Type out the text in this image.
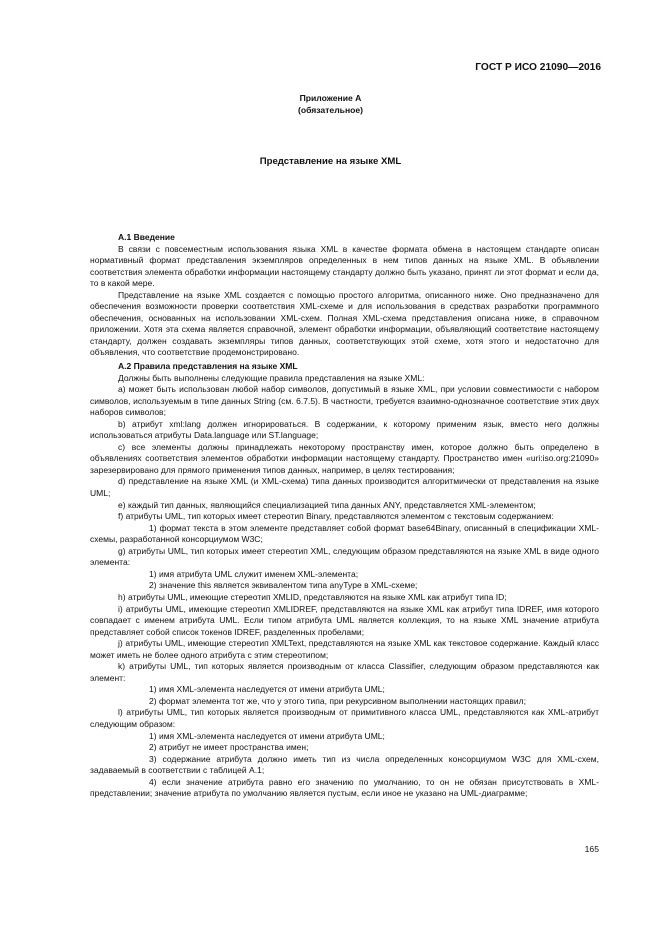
ГОСТ Р ИСО 21090—2016
Приложение А
(обязательное)
Представление на языке XML
А.1 Введение

В связи с повсеместным использования языка XML в качестве формата обмена в настоящем стандарте описан нормативный формат представления экземпляров определенных в нем типов данных на языке XML. В объявлении соответствия элемента обработки информации настоящему стандарту должно быть указано, принят ли этот формат и если да, то в какой мере.

Представление на языке XML создается с помощью простого алгоритма, описанного ниже. Оно предназначено для обеспечения возможности проверки соответствия XML-схеме и для использования в средствах разработки программного обеспечения, основанных на использовании XML-схем. Полная XML-схема представления описана ниже, в справочном приложении. Хотя эта схема является справочной, элемент обработки информации, объявляющий соответствие настоящему стандарту, должен создавать экземпляры типов данных, соответствующих этой схеме, хотя этого и недостаточно для объявления, что соответствие продемонстрировано.

А.2 Правила представления на языке XML

Должны быть выполнены следующие правила представления на языке XML:

а) может быть использован любой набор символов, допустимый в языке XML, при условии совместимости с набором символов, используемым в типе данных String (см. 6.7.5). В частности, требуется взаимно-однозначное соответствие этих двух наборов символов;

b) атрибут xml:lang должен игнорироваться. В содержании, к которому применим язык, вместо него должны использоваться атрибуты Data.language или ST.language;

с) все элементы должны принадлежать некоторому пространству имен, которое должно быть определено в объявлениях соответствия элементов обработки информации настоящему стандарту. Пространство имен «uri:iso.org:21090» зарезервировано для прямого применения типов данных, например, в целях тестирования;

d) представление на языке XML (и XML-схема) типа данных производится алгоритмически от представления на языке UML;

е) каждый тип данных, являющийся специализацией типа данных ANY, представляется XML-элементом;

f) атрибуты UML, тип которых имеет стереотип Binary, представляются элементом с текстовым содержанием:

1) формат текста в этом элементе представляет собой формат base64Binary, описанный в спецификации XML-схемы, разработанной консорциумом W3C;

g) атрибуты UML, тип которых имеет стереотип XML, следующим образом представляются на языке XML в виде одного элемента:

1) имя атрибута UML служит именем XML-элемента;

2) значение this является эквивалентом типа anyType в XML-схеме;

h) атрибуты UML, имеющие стереотип XMLID, представляются на языке XML как атрибут типа ID;

i) атрибуты UML, имеющие стереотип XMLIDREF, представляются на языке XML как атрибут типа IDREF, имя которого совпадает с именем атрибута UML. Если типом атрибута UML является коллекция, то на языке XML значение атрибута представляет собой список токенов IDREF, разделенных пробелами;

j) атрибуты UML, имеющие стереотип XMLText, представляются на языке XML как текстовое содержание. Каждый класс может иметь не более одного атрибута с этим стереотипом;

k) атрибуты UML, тип которых является производным от класса Classifier, следующим образом представляются как элемент:

1) имя XML-элемента наследуется от имени атрибута UML;

2) формат элемента тот же, что у этого типа, при рекурсивном выполнении настоящих правил;

l) атрибуты UML, тип которых является производным от примитивного класса UML, представляются как XML-атрибут следующим образом:

1) имя XML-элемента наследуется от имени атрибута UML;

2) атрибут не имеет пространства имен;

3) содержание атрибута должно иметь тип из числа определенных консорциумом W3C для XML-схем, задаваемый в соответствии с таблицей А.1;

4) если значение атрибута равно его значению по умолчанию, то он не обязан присутствовать в XML-представлении; значение атрибута по умолчанию является пустым, если иное не указано на UML-диаграмме;

165
